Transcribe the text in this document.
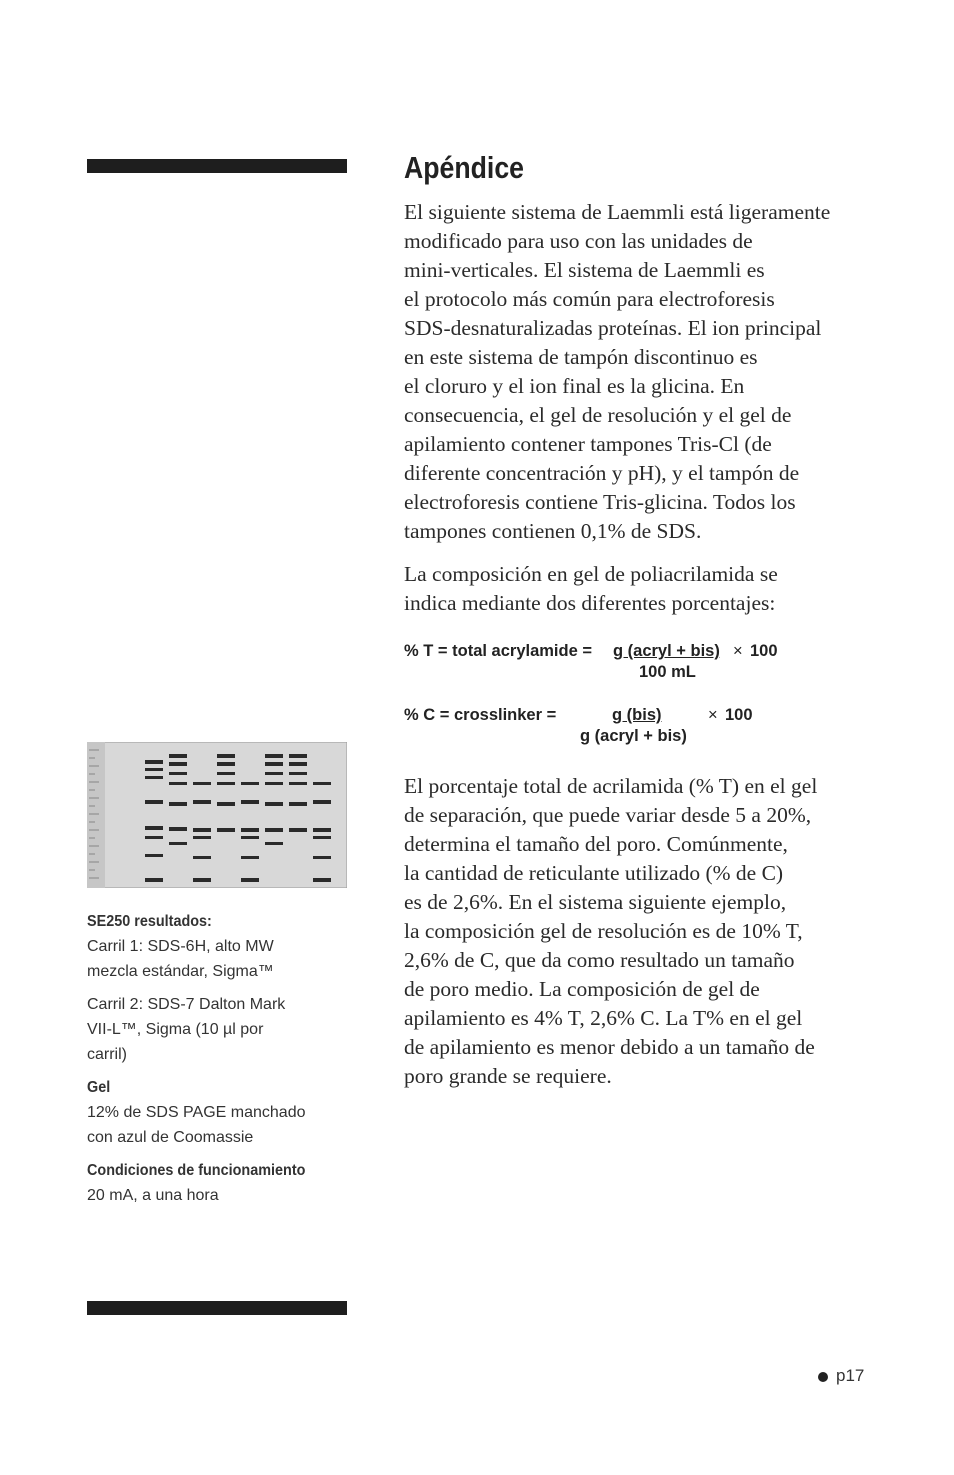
Apéndice

El siguiente sistema de Laemmli está ligeramente
modificado para uso con las unidades de
mini-verticales. El sistema de Laemmli es
el protocolo más común para electroforesis
SDS-desnaturalizadas proteínas. El ion principal
en este sistema de tampón discontinuo es
el cloruro y el ion final es la glicina. En
consecuencia, el gel de resolución y el gel de
apilamiento contener tampones Tris-Cl (de
diferente concentración y pH), y el tampón de
electroforesis contiene Tris-glicina. Todos los
tampones contienen 0,1% de SDS.

La composición en gel de poliacrilamida se
indica mediante dos diferentes porcentajes:

% T = total acrylamide = g (acryl + bis) × 100
100 mL
% C = crosslinker =	g (bis)	× 100
g (acryl + bis)

El porcentaje total de acrilamida (% T) en el gel
de separación, que puede variar desde 5 a 20%,
determina el tamaño del poro. Comúnmente,
la cantidad de reticulante utilizado (% de C)
es de 2,6%. En el sistema siguiente ejemplo,
la composición gel de resolución es de 10% T,
2,6% de C, que da como resultado un tamaño
de poro medio. La composición de gel de
apilamiento es 4% T, 2,6% C. La T% en el gel
de apilamiento es menor debido a un tamaño de
poro grande se requiere.

SE250 resultados:
Carril 1: SDS-6H, alto MW
mezcla estándar, Sigma™
Carril 2: SDS-7 Dalton Mark
VII-L™, Sigma (10 µl por
carril)
Gel
12% de SDS PAGE manchado
con azul de Coomassie
Condiciones de funcionamiento
20 mA, a una hora
p17
